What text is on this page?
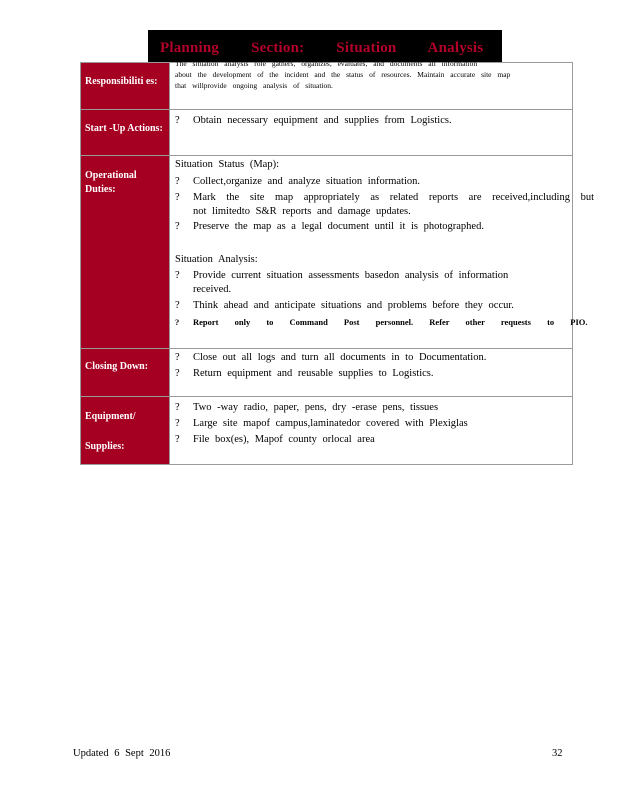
Planning Section: Situation Analysis
Responsibiliti es:
The situation analysis role gathers, organizes, evaluates, and documents all information
about the development of the incident and the status of resources. Maintain accurate site map
that willprovide ongoing analysis of situation.
Start -Up Actions:
? Obtain necessary equipment and supplies from Logistics.
Operational Duties:
Situation Status (Map):
? Collect,organize and analyze situation information.
? Mark the site map appropriately as related reports are received,including but
not limitedto S&R reports and damage updates.
? Preserve the map as a legal document until it is photographed.
Situation Analysis:
? Provide current situation assessments basedon analysis of information
received.
? Think ahead and anticipate situations and problems before they occur.
? Report only to Command Post personnel. Refer other requests to PIO.
Closing Down:
? Close out all logs and turn all documents in to Documentation.
? Return equipment and reusable supplies to Logistics.
Equipment/
Supplies:
? Two -way radio, paper, pens, dry -erase pens, tissues
? Large site mapof campus,laminatedor covered with Plexiglas
? File box(es), Mapof county orlocal area
Updated 6 Sept 2016	32
